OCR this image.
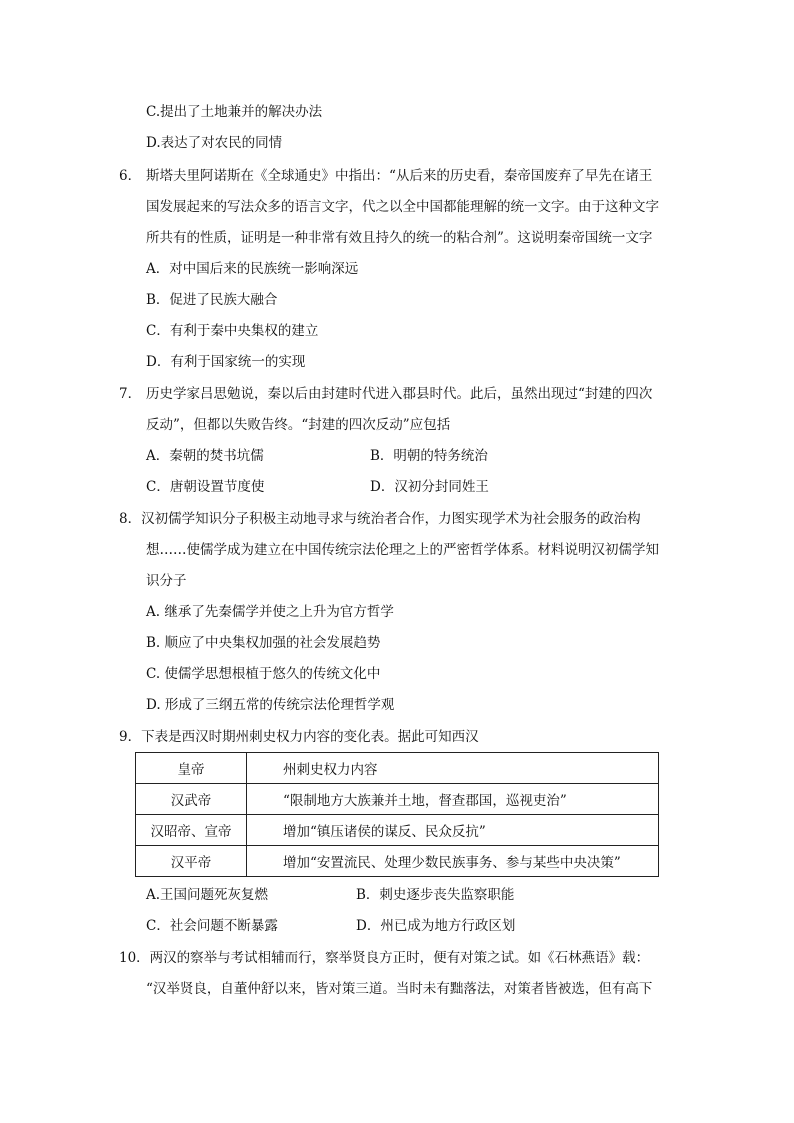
C.提出了土地兼并的解决办法
D.表达了对农民的同情
6． 斯塔夫里阿诺斯在《全球通史》中指出：“从后来的历史看，秦帝国废弃了早先在诸王
国发展起来的写法众多的语言文字，代之以全中国都能理解的统一文字。由于这种文字
所共有的性质，证明是一种非常有效且持久的统一的粘合剂”。这说明秦帝国统一文字
A．对中国后来的民族统一影响深远
B．促进了民族大融合
C．有利于秦中央集权的建立
D．有利于国家统一的实现
7． 历史学家吕思勉说，秦以后由封建时代进入郡县时代。此后，虽然出现过“封建的四次
反动”，但都以失败告终。“封建的四次反动”应包括
A．秦朝的焚书坑儒	B．明朝的特务统治
C．唐朝设置节度使	D．汉初分封同姓王
8．汉初儒学知识分子积极主动地寻求与统治者合作，力图实现学术为社会服务的政治构
想……使儒学成为建立在中国传统宗法伦理之上的严密哲学体系。材料说明汉初儒学知
识分子
A. 继承了先秦儒学并使之上升为官方哲学
B. 顺应了中央集权加强的社会发展趋势
C. 使儒学思想根植于悠久的传统文化中
D. 形成了三纲五常的传统宗法伦理哲学观
9．下表是西汉时期州刺史权力内容的变化表。据此可知西汉
皇帝	州刺史权力内容
汉武帝	“限制地方大族兼并土地，督查郡国，巡视吏治”
汉昭帝、宣帝	增加“镇压诸侯的谋反、民众反抗”
汉平帝	增加“安置流民、处理少数民族事务、参与某些中央决策”
A.王国问题死灰复燃	B．刺史逐步丧失监察职能
C．社会问题不断暴露	D．州已成为地方行政区划
10．两汉的察举与考试相辅而行，察举贤良方正时，便有对策之试。如《石林燕语》载：
“汉举贤良，自董仲舒以来，皆对策三道。当时未有黜落法，对策者皆被选，但有高下
